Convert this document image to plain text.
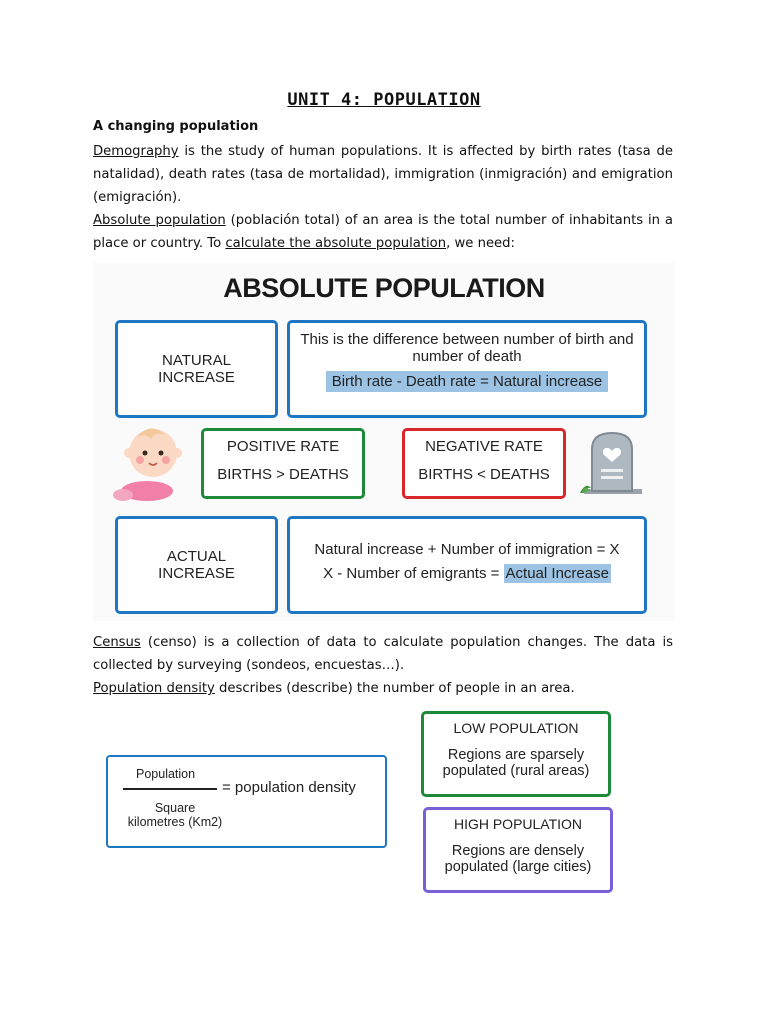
UNIT 4: POPULATION
A changing population
Demography is the study of human populations. It is affected by birth rates (tasa de natalidad), death rates (tasa de mortalidad), immigration (inmigración) and emigration (emigración).
Absolute population (población total) of an area is the total number of inhabitants in a place or country. To calculate the absolute population, we need:
ABSOLUTE POPULATION
NATURAL
INCREASE
This is the difference between number of birth and number of death
Birth rate - Death rate = Natural increase
POSITIVE RATE
BIRTHS > DEATHS
NEGATIVE RATE
BIRTHS < DEATHS
ACTUAL
INCREASE
Natural increase + Number of immigration = X
X - Number of emigrants = Actual Increase
Census (censo) is a collection of data to calculate population changes. The data is collected by surveying (sondeos, encuestas…).
Population density describes (describe) the number of people in an area.
Population
Square
kilometres (Km2)
= population density
LOW POPULATION
Regions are sparsely populated (rural areas)
HIGH POPULATION
Regions are densely populated (large cities)
